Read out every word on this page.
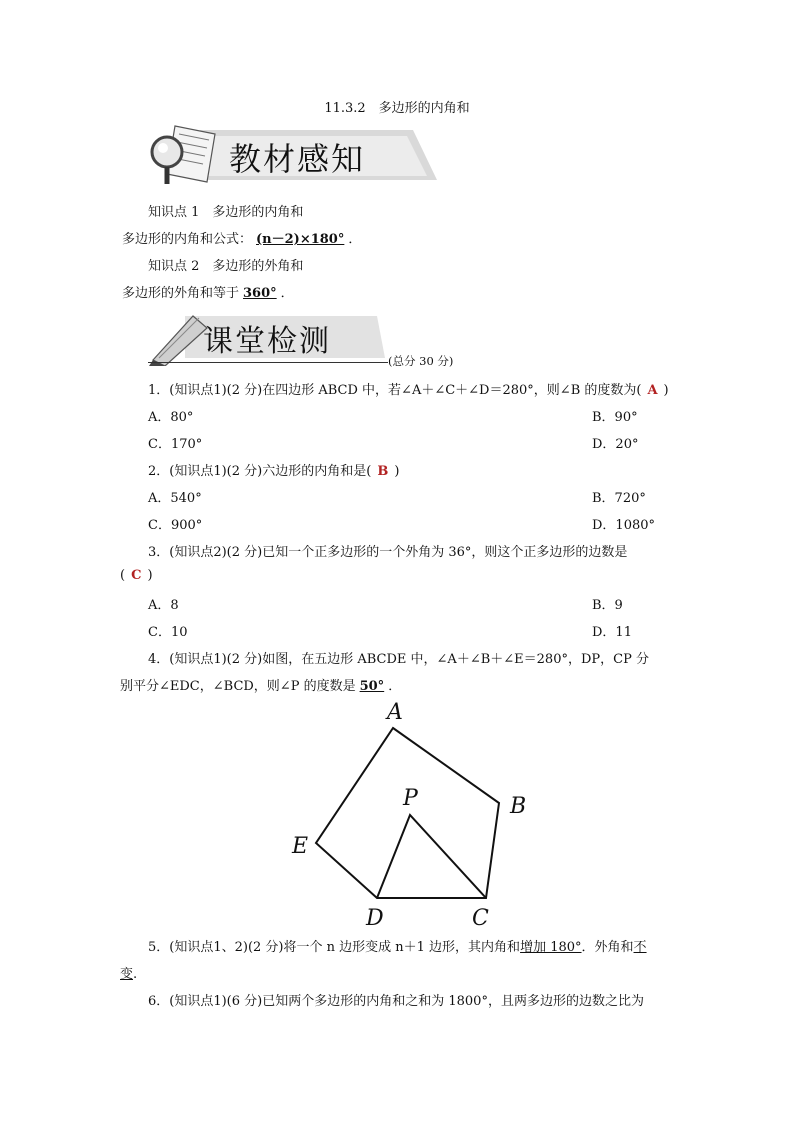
11.3.2　多边形的内角和
教材感知
知识点 1　多边形的内角和
多边形的内角和公式： (n－2)×180° ．
知识点 2　多边形的外角和
多边形的外角和等于 360° ．
课堂检测
(总分 30 分)
1．(知识点1)(2 分)在四边形 ABCD 中，若∠A＋∠C＋∠D＝280°，则∠B 的度数为( A )
A．80°	B．90°
C．170°	D．20°
2．(知识点1)(2 分)六边形的内角和是( B )
A．540°	B．720°
C．900°	D．1080°
3．(知识点2)(2 分)已知一个正多边形的一个外角为 36°，则这个正多边形的边数是
( C )
A．8	B．9
C．10	D．11
4．(知识点1)(2 分)如图，在五边形 ABCDE 中，∠A＋∠B＋∠E＝280°，DP，CP 分
别平分∠EDC，∠BCD，则∠P 的度数是 50° ．
A
B
C
D
E
P
5．(知识点1、2)(2 分)将一个 n 边形变成 n＋1 边形，其内角和增加 180°．外角和不
变.
6．(知识点1)(6 分)已知两个多边形的内角和之和为 1800°，且两多边形的边数之比为
